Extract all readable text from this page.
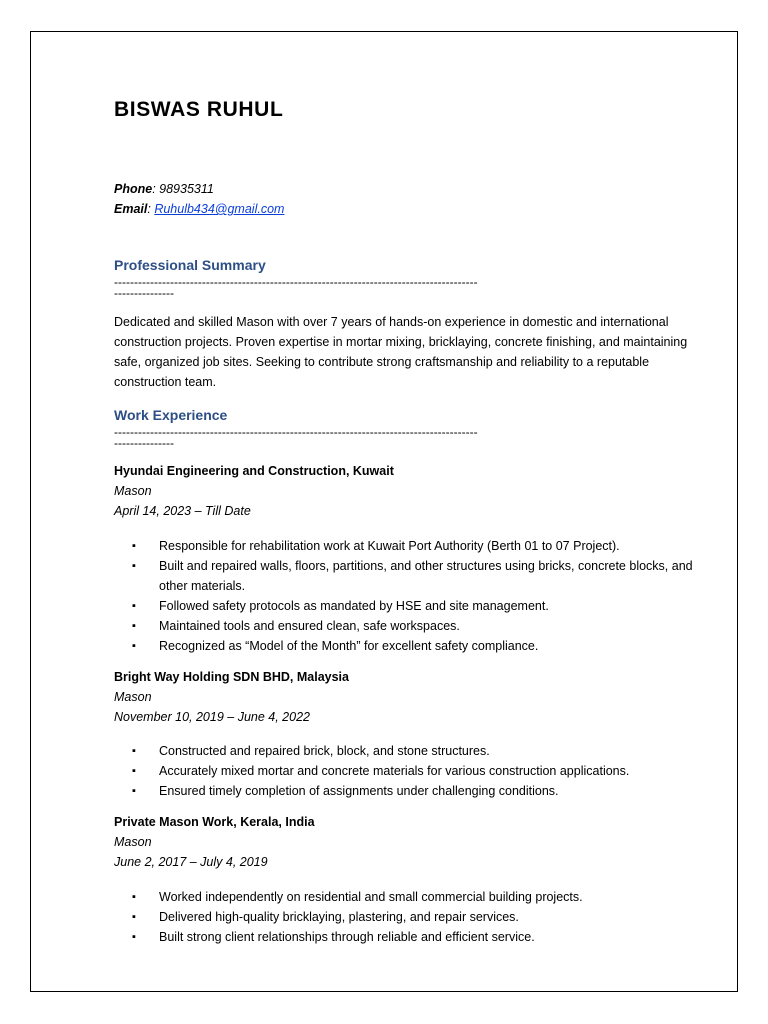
BISWAS RUHUL
Phone: 98935311
Email: Ruhulb434@gmail.com
Professional Summary
-------------------------------------------------------------------------------------------
---------------
Dedicated and skilled Mason with over 7 years of hands-on experience in domestic and international construction projects. Proven expertise in mortar mixing, bricklaying, concrete finishing, and maintaining safe, organized job sites. Seeking to contribute strong craftsmanship and reliability to a reputable construction team.
Work Experience
-------------------------------------------------------------------------------------------
---------------
Hyundai Engineering and Construction, Kuwait
Mason
April 14, 2023 – Till Date
▪ Responsible for rehabilitation work at Kuwait Port Authority (Berth 01 to 07 Project).
▪ Built and repaired walls, floors, partitions, and other structures using bricks, concrete blocks, and other materials.
▪ Followed safety protocols as mandated by HSE and site management.
▪ Maintained tools and ensured clean, safe workspaces.
▪ Recognized as “Model of the Month” for excellent safety compliance.
Bright Way Holding SDN BHD, Malaysia
Mason
November 10, 2019 – June 4, 2022
▪ Constructed and repaired brick, block, and stone structures.
▪ Accurately mixed mortar and concrete materials for various construction applications.
▪ Ensured timely completion of assignments under challenging conditions.
Private Mason Work, Kerala, India
Mason
June 2, 2017 – July 4, 2019
▪ Worked independently on residential and small commercial building projects.
▪ Delivered high-quality bricklaying, plastering, and repair services.
▪ Built strong client relationships through reliable and efficient service.
